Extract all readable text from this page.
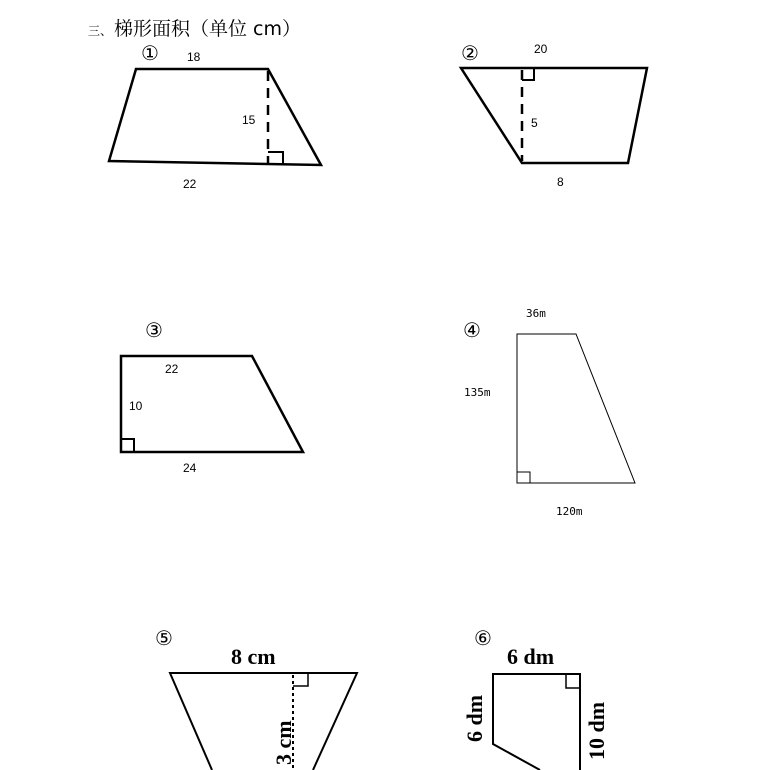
三、 梯形面积（单位 cm）
① 18
15
22
②	20
5
8
③
22
10
24
④
36m
135m
120m
⑤
8 cm
3 cm
⑥
6 dm
6 dm	10 dm
